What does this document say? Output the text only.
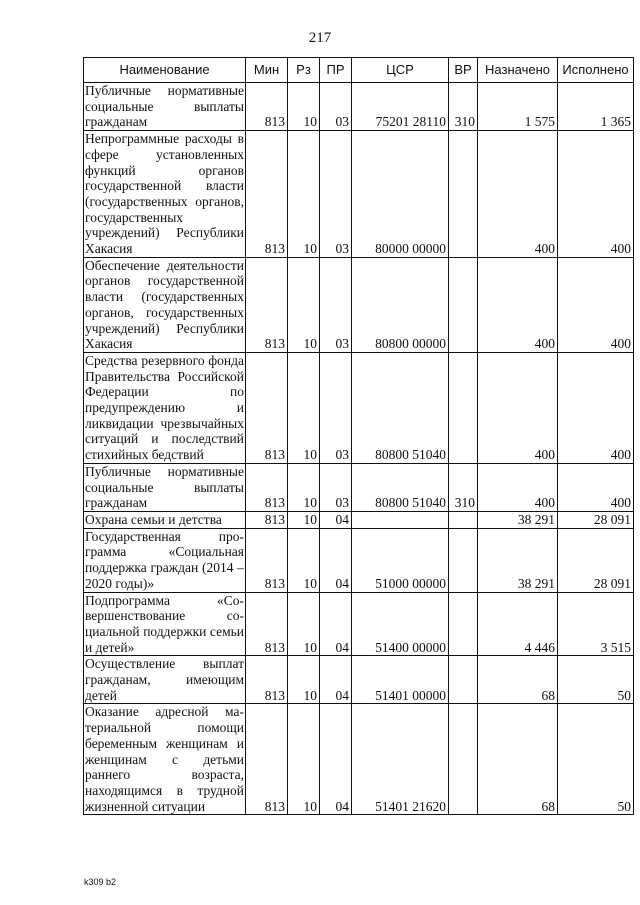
217
Наименование	Мин	Рз	ПР	ЦСР	ВР	Назначено	Исполнено
Публичные нормативные социальные выплаты гражданам	813	10	03	75201 28110	310	1 575	1 365
Непрограммные расходы в сфере установленных функций органов государственной власти (государственных органов, государственных учреждений) Республики Хакасия	813	10	03	80000 00000		400	400
Обеспечение деятельности органов государственной власти (государственных органов, государственных учреждений) Республики Хакасия	813	10	03	80800 00000		400	400
Средства резервного фонда Правительства Российской Федерации по предупреждению и ликвидации чрезвычайных ситуаций и последствий стихийных бедствий	813	10	03	80800 51040		400	400
Публичные нормативные социальные выплаты гражданам	813	10	03	80800 51040	310	400	400
Охрана семьи и детства	813	10	04			38 291	28 091
Государственная программа «Социальная поддержка граждан (2014 – 2020 годы)»	813	10	04	51000 00000		38 291	28 091
Подпрограмма «Совершенствование социальной поддержки семьи и детей»	813	10	04	51400 00000		4 446	3 515
Осуществление выплат гражданам, имеющим детей	813	10	04	51401 00000		68	50
Оказание адресной материальной помощи беременным женщинам и женщинам с детьми раннего возраста, находящимся в трудной жизненной ситуации	813	10	04	51401 21620		68	50
k309 b2
